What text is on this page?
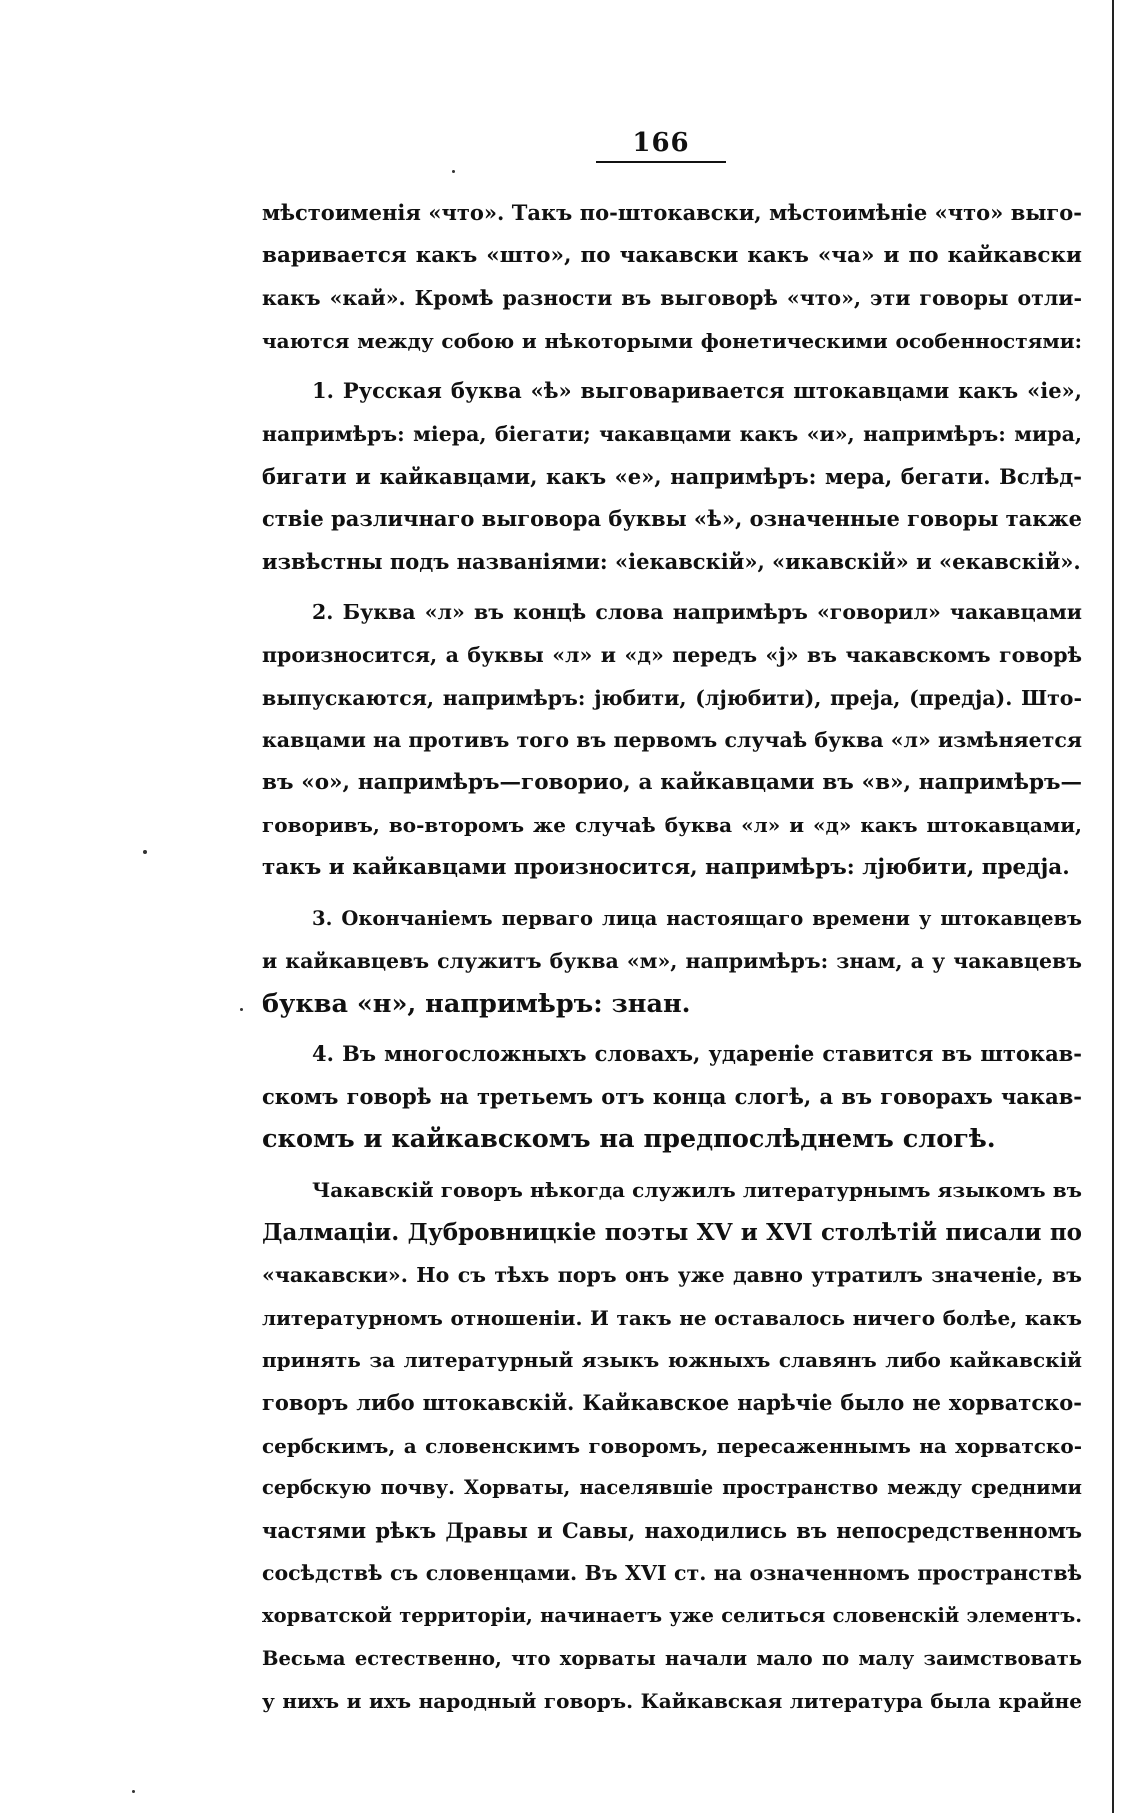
166
мѣстоименія «что». Такъ по-штокавски, мѣстоимѣніе «что» выго-
варивается какъ «што», по чакавски какъ «ча» и по кайкавски
какъ «кай». Кромѣ разности въ выговорѣ «что», эти говоры отли-
чаются между собою и нѣкоторыми фонетическими особенностями:
1. Русская буква «ѣ» выговаривается штокавцами какъ «іе»,
напримѣръ: міера, біегати; чакавцами какъ «и», напримѣръ: мира,
бигати и кайкавцами, какъ «е», напримѣръ: мера, бегати. Вслѣд-
ствіе различнаго выговора буквы «ѣ», означенные говоры также
извѣстны подъ названіями: «іекавскій», «икавскій» и «екавскій».
2. Буква «л» въ концѣ слова напримѣръ «говорил» чакавцами
произносится, а буквы «л» и «д» передъ «j» въ чакавскомъ говорѣ
выпускаются, напримѣръ: jюбити, (лjюбити), преjа, (предjа). Што-
кавцами на противъ того въ первомъ случаѣ буква «л» измѣняется
въ «о», напримѣръ—говорио, а кайкавцами въ «в», напримѣръ—
говоривъ, во-второмъ же случаѣ буква «л» и «д» какъ штокавцами,
такъ и кайкавцами произносится, напримѣръ: лjюбити, предjа.
3. Окончаніемъ перваго лица настоящаго времени у штокавцевъ
и кайкавцевъ служитъ буква «м», напримѣръ: знам, а у чакавцевъ
буква «н», напримѣръ: знан.
4. Въ многосложныхъ словахъ, удареніе ставится въ штокав-
скомъ говорѣ на третьемъ отъ конца слогѣ, а въ говорахъ чакав-
скомъ и кайкавскомъ на предпослѣднемъ слогѣ.
Чакавскій говоръ нѣкогда служилъ литературнымъ языкомъ въ
Далмаціи. Дубровницкіе поэты XV и XVI столѣтій писали по
«чакавски». Но съ тѣхъ поръ онъ уже давно утратилъ значеніе, въ
литературномъ отношеніи. И такъ не оставалось ничего болѣе, какъ
принять за литературный языкъ южныхъ славянъ либо кайкавскій
говоръ либо штокавскій. Кайкавское нарѣчіе было не хорватско-
сербскимъ, а словенскимъ говоромъ, пересаженнымъ на хорватско-
сербскую почву. Хорваты, населявшіе пространство между средними
частями рѣкъ Дравы и Савы, находились въ непосредственномъ
сосѣдствѣ съ словенцами. Въ XVI ст. на означенномъ пространствѣ
хорватской территоріи, начинаетъ уже селиться словенскій элементъ.
Весьма естественно, что хорваты начали мало по малу заимствовать
у нихъ и ихъ народный говоръ. Кайкавская литература была крайне
